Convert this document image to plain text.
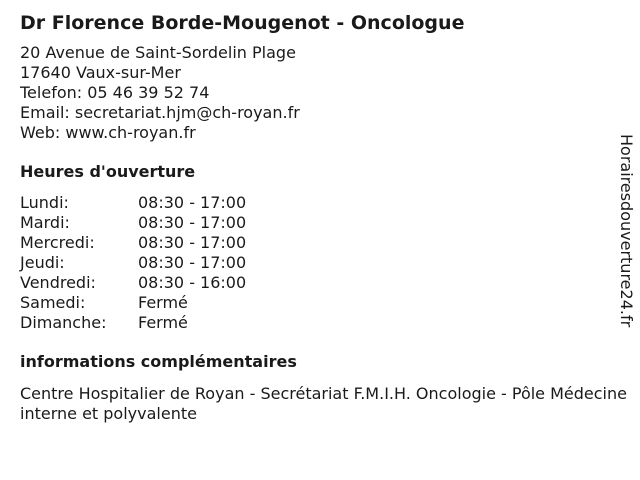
Dr Florence Borde-Mougenot - Oncologue
20 Avenue de Saint-Sordelin Plage
17640 Vaux-sur-Mer
Telefon: 05 46 39 52 74
Email: secretariat.hjm@ch-royan.fr
Web: www.ch-royan.fr
Heures d'ouverture
Lundi:	08:30 - 17:00
Mardi:	08:30 - 17:00
Mercredi:	08:30 - 17:00
Jeudi:	08:30 - 17:00
Vendredi:	08:30 - 16:00
Samedi:	Fermé
Dimanche:	Fermé
informations complémentaires
Centre Hospitalier de Royan - Secrétariat F.M.I.H. Oncologie - Pôle Médecine interne et polyvalente
Horairesdouverture24.fr
